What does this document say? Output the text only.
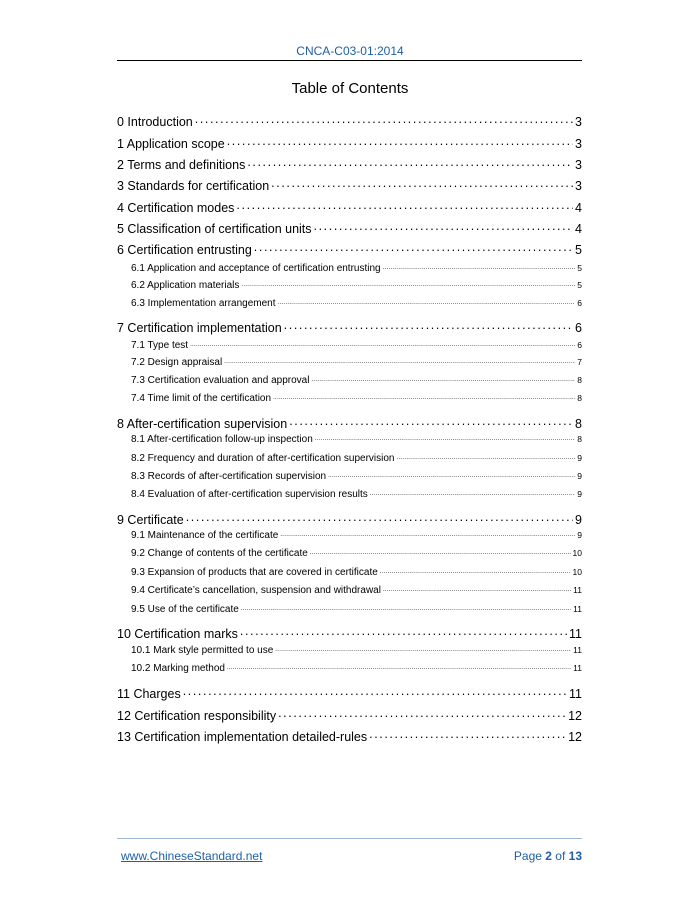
CNCA-C03-01:2014
Table of Contents
0 Introduction .....	3
1 Application scope .....	3
2 Terms and definitions .....	3
3 Standards for certification .....	3
4 Certification modes .....	4
5 Classification of certification units .....	4
6 Certification entrusting .....	5
6.1 Application and acceptance of certification entrusting .....	5
6.2 Application materials .....	5
6.3 Implementation arrangement .....	6
7 Certification implementation .....	6
7.1 Type test .....	6
7.2 Design appraisal .....	7
7.3 Certification evaluation and approval .....	8
7.4 Time limit of the certification .....	8
8 After-certification supervision .....	8
8.1 After-certification follow-up inspection .....	8
8.2 Frequency and duration of after-certification supervision .....	9
8.3 Records of after-certification supervision .....	9
8.4 Evaluation of after-certification supervision results .....	9
9 Certificate .....	9
9.1 Maintenance of the certificate .....	9
9.2 Change of contents of the certificate .....	10
9.3 Expansion of products that are covered in certificate .....	10
9.4 Certificate’s cancellation, suspension and withdrawal .....	11
9.5 Use of the certificate .....	11
10 Certification marks .....	11
10.1 Mark style permitted to use .....	11
10.2 Marking method .....	11
11 Charges .....	11
12 Certification responsibility .....	12
13 Certification implementation detailed-rules .....	12
www.ChineseStandard.net	Page 2 of 13
